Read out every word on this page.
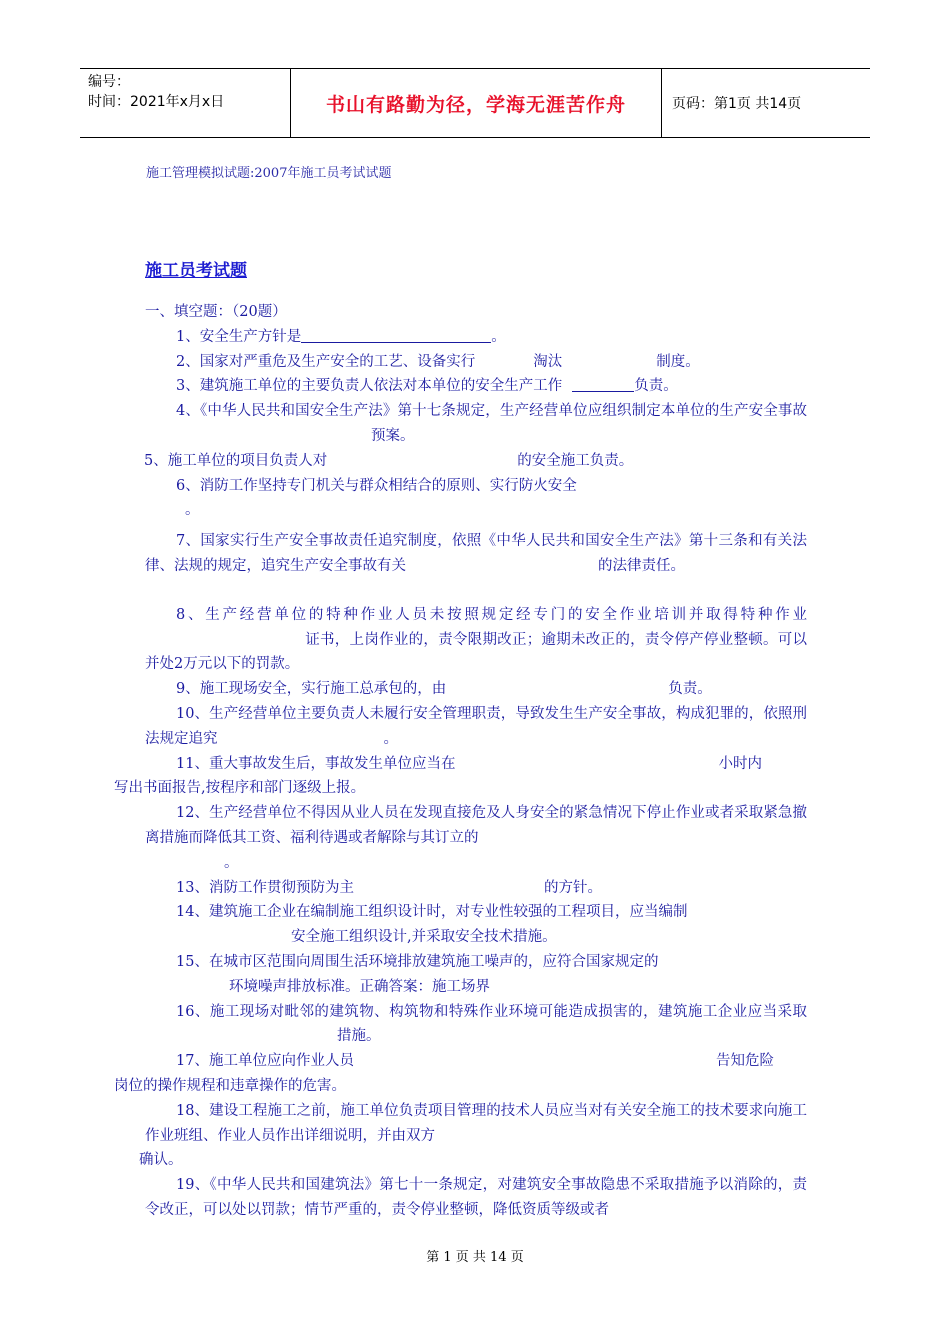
编号：
时间：2021年x月x日	书山有路勤为径，学海无涯苦作舟	页码：第1页 共14页
施工管理模拟试题:2007年施工员考试试题
施工员考试题

一、填空题：（20题）

1、安全生产方针是	。

2、国家对严重危及生产安全的工艺、设备实行	淘汰	制度。

3、建筑施工单位的主要负责人依法对本单位的安全生产工作	负责。

4、《中华人民共和国安全生产法》第十七条规定，生产经营单位应组织制定本单位的生产安全事故预案。

5、施工单位的项目负责人对	的安全施工负责。

6、消防工作坚持专门机关与群众相结合的原则、实行防火安全
。

7、国家实行生产安全事故责任追究制度，依照《中华人民共和国安全生产法》第十三条和有关法律、法规的规定，追究生产安全事故有关	的法律责任。

8、生产经营单位的特种作业人员未按照规定经专门的安全作业培训并取得特种作业证书，上岗作业的，责令限期改正；逾期未改正的，责令停产停业整顿。可以并处2万元以下的罚款。

9、施工现场安全，实行施工总承包的，由	负责。

10、生产经营单位主要负责人未履行安全管理职责，导致发生生产安全事故，构成犯罪的，依照刑法规定追究	。

11、重大事故发生后，事故发生单位应当在	小时内
写出书面报告,按程序和部门逐级上报。

12、生产经营单位不得因从业人员在发现直接危及人身安全的紧急情况下停止作业或者采取紧急撤离措施而降低其工资、福利待遇或者解除与其订立的
。

13、消防工作贯彻预防为主	的方针。

14、建筑施工企业在编制施工组织设计时，对专业性较强的工程项目，应当编制
安全施工组织设计,并采取安全技术措施。

15、在城市区范围向周围生活环境排放建筑施工噪声的，应符合国家规定的
环境噪声排放标准。正确答案：施工场界

16、施工现场对毗邻的建筑物、构筑物和特殊作业环境可能造成损害的，建筑施工企业应当采取措施。

17、施工单位应向作业人员	告知危险
岗位的操作规程和违章操作的危害。

18、建设工程施工之前，施工单位负责项目管理的技术人员应当对有关安全施工的技术要求向施工作业班组、作业人员作出详细说明，并由双方
确认。

19、《中华人民共和国建筑法》第七十一条规定，对建筑安全事故隐患不采取措施予以消除的，责令改正，可以处以罚款；情节严重的，责令停业整顿，降低资质等级或者

第 1 页 共 14 页
